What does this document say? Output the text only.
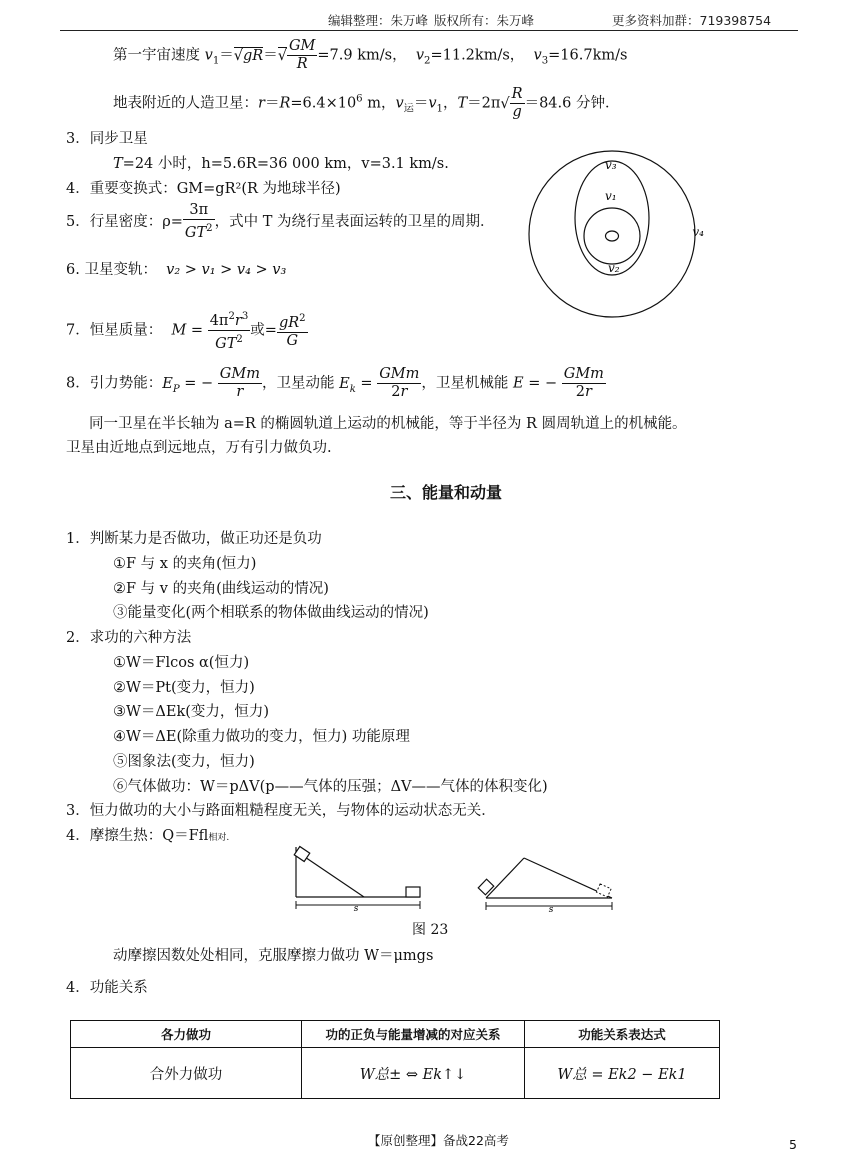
编辑整理：朱万峰 版权所有：朱万峰	更多资料加群：719398754
第一宇宙速度 $v_1=√gR=√ \frac{GM}{R} =7.9$ km/s， $v_2=11.2km/s$， $v_3=16.7km/s$
地表附近的人造卫星：$r=R=6.4\times 10^6$ m，$v_运=v_1$，$T=2\pi√ \frac{R}{g} =84.6$ 分钟．
3．同步卫星
T=24 小时，h=5.6R=36 000 km，v=3.1 km/s.
4．重要变换式：GM=gR²(R 为地球半径)
5．行星密度：$\rho= \frac{3\pi}{GT^2}$ ，式中 T 为绕行星表面运转的卫星的周期．
6. 卫星变轨： v₂ > v₁ > v₄ > v₃
7．恒星质量： $M = \frac{4\pi^2r^3}{GT^2}$ 或= $\frac{gR^2}{G}$
8．引力势能：$E_P$ = − $\frac{\text{GMm}}{r}$ ，卫星动能 $E_k = \frac{\text{GMm}}{2r}$ ，卫星机械能 E = − $\frac{\text{GMm}}{2r}$
同一卫星在半长轴为 a=R 的椭圆轨道上运动的机械能，等于半径为 R 圆周轨道上的机械能。
卫星由近地点到远地点，万有引力做负功.
v₃
v₁
v₄
v₂
三、能量和动量
1．判断某力是否做功，做正功还是负功
①F 与 x 的夹角(恒力)
②F 与 v 的夹角(曲线运动的情况)
③能量变化(两个相联系的物体做曲线运动的情况)
2．求功的六种方法
①W＝Flcos α(恒力)
②W＝Pt(变力，恒力)
③W＝ΔEk(变力，恒力)
④W＝ΔE(除重力做功的变力，恒力) 功能原理
⑤图象法(变力，恒力)
⑥气体做功：W＝pΔV(p——气体的压强；ΔV——气体的体积变化)
3．恒力做功的大小与路面粗糙程度无关，与物体的运动状态无关．
4．摩擦生热：Q＝Ffl相对.
s	s
图 23
动摩擦因数处处相同，克服摩擦力做功 W＝μmgs
4．功能关系
各力做功	功的正负与能量增减的对应关系	功能关系表达式
合外力做功	W总± ⇔ Ek↑↓	W总 = Ek2 − Ek1
【原创整理】备战22高考	5
